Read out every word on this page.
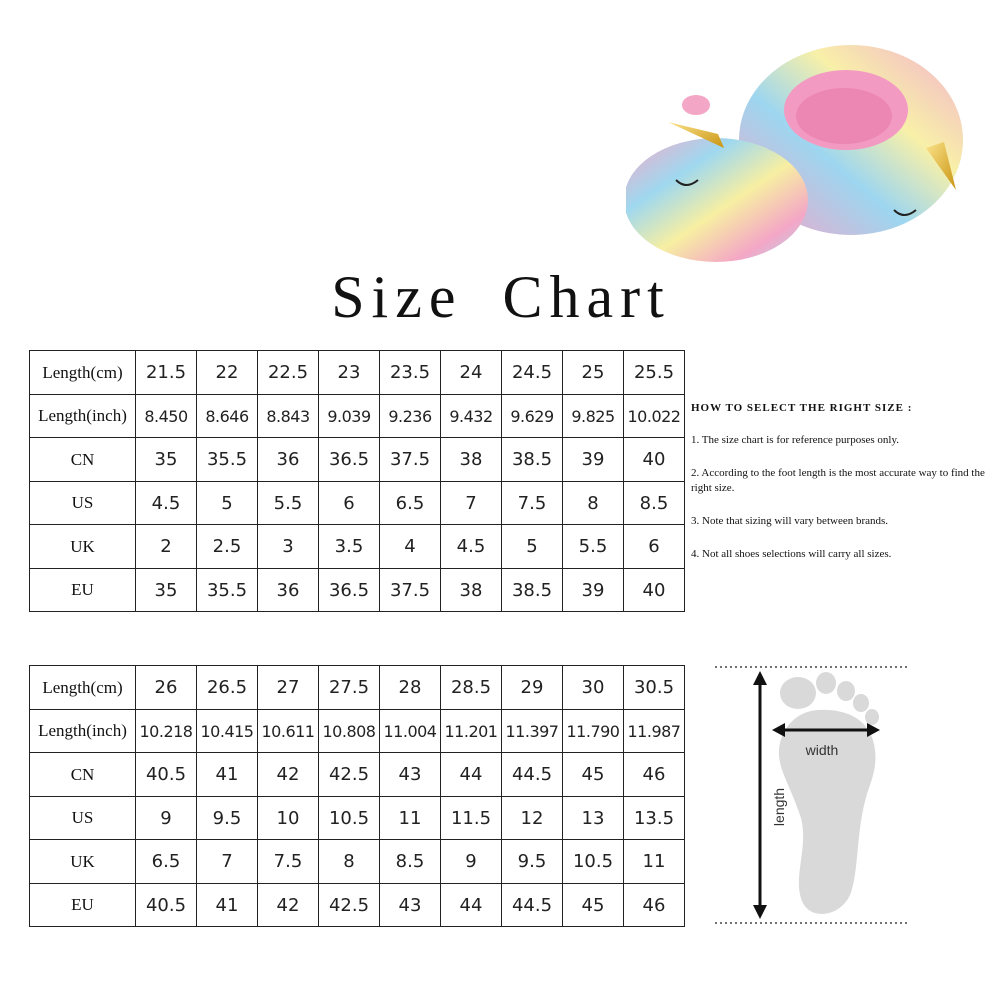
Size Chart
Length(cm)	21.5	22	22.5	23	23.5	24	24.5	25	25.5
Length(inch)	8.450	8.646	8.843	9.039	9.236	9.432	9.629	9.825	10.022
CN	35	35.5	36	36.5	37.5	38	38.5	39	40
US	4.5	5	5.5	6	6.5	7	7.5	8	8.5
UK	2	2.5	3	3.5	4	4.5	5	5.5	6
EU	35	35.5	36	36.5	37.5	38	38.5	39	40
Length(cm)	26	26.5	27	27.5	28	28.5	29	30	30.5
Length(inch)	10.218	10.415	10.611	10.808	11.004	11.201	11.397	11.790	11.987
CN	40.5	41	42	42.5	43	44	44.5	45	46
US	9	9.5	10	10.5	11	11.5	12	13	13.5
UK	6.5	7	7.5	8	8.5	9	9.5	10.5	11
EU	40.5	41	42	42.5	43	44	44.5	45	46
HOW TO SELECT THE RIGHT SIZE :
1. The size chart is for reference purposes only.
2. According to the foot length is the most accurate way to find the right size.
3. Note that sizing will vary between brands.
4. Not all shoes selections will carry all sizes.
length
width
